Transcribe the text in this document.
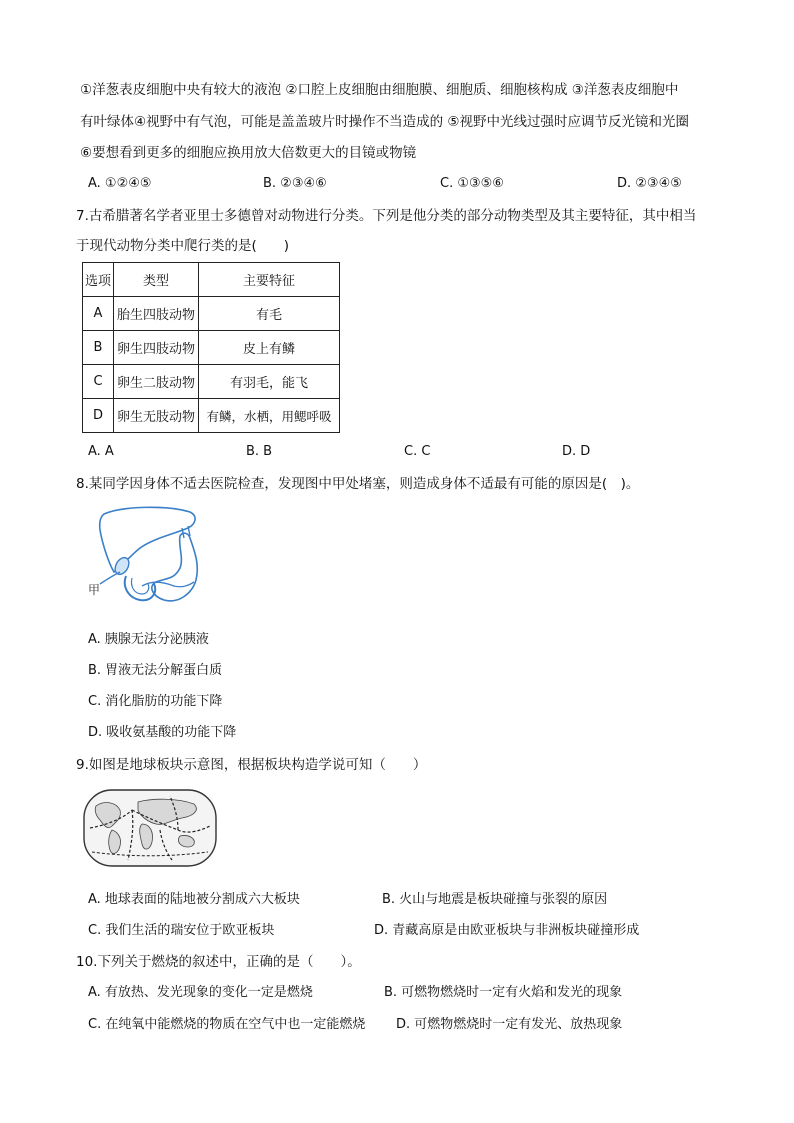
①洋葱表皮细胞中央有较大的液泡 ②口腔上皮细胞由细胞膜、细胞质、细胞核构成 ③洋葱表皮细胞中
有叶绿体④视野中有气泡，可能是盖盖玻片时操作不当造成的 ⑤视野中光线过强时应调节反光镜和光圈
⑥要想看到更多的细胞应换用放大倍数更大的目镜或物镜
A. ①②④⑤	B. ②③④⑥	C. ①③⑤⑥	D. ②③④⑤
7.古希腊著名学者亚里士多德曾对动物进行分类。下列是他分类的部分动物类型及其主要特征，其中相当
于现代动物分类中爬行类的是(　　)
选项	类型	主要特征
A	胎生四肢动物	有毛
B	卵生四肢动物	皮上有鳞
C	卵生二肢动物	有羽毛，能飞
D	卵生无肢动物	有鳞，水栖，用鳃呼吸
A. A	B. B	C. C	D. D
8.某同学因身体不适去医院检查，发现图中甲处堵塞，则造成身体不适最有可能的原因是(　)。
甲
A. 胰腺无法分泌胰液
B. 胃液无法分解蛋白质
C. 消化脂肪的功能下降
D. 吸收氨基酸的功能下降
9.如图是地球板块示意图，根据板块构造学说可知（　　）
A. 地球表面的陆地被分割成六大板块	B. 火山与地震是板块碰撞与张裂的原因
C. 我们生活的瑞安位于欧亚板块	D. 青藏高原是由欧亚板块与非洲板块碰撞形成
10.下列关于燃烧的叙述中，正确的是（　　）。
A. 有放热、发光现象的变化一定是燃烧	B. 可燃物燃烧时一定有火焰和发光的现象
C. 在纯氧中能燃烧的物质在空气中也一定能燃烧 D. 可燃物燃烧时一定有发光、放热现象
